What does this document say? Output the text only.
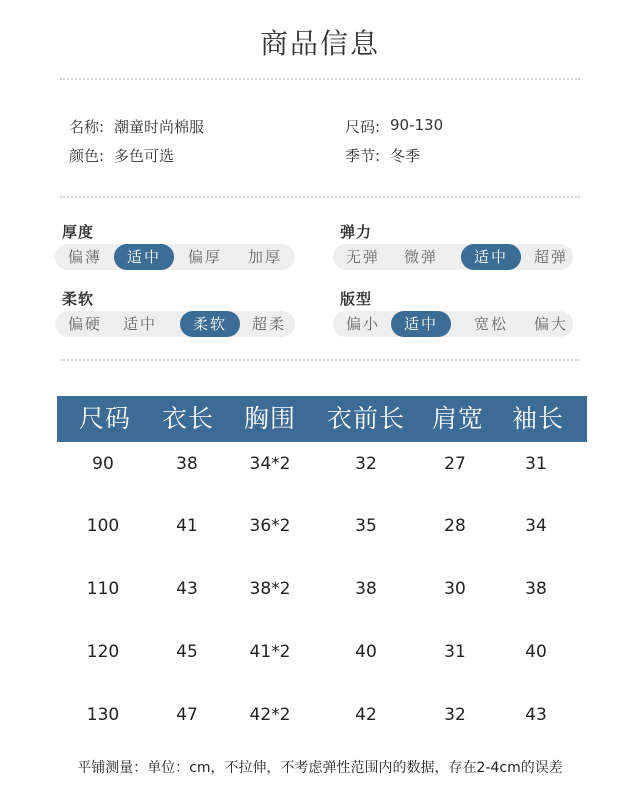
商品信息
名称: 潮童时尚棉服	尺码: 90-130
颜色: 多色可选	季节: 冬季
厚度
偏薄	适中	偏厚	加厚
弹力
无弹	微弹	适中	超弹
柔软
偏硬	适中	柔软	超柔
版型
偏小	适中	宽松	偏大
尺码	衣长	胸围	衣前长	肩宽	袖长
90	38	34*2	32	27	31
100	41	36*2	35	28	34
110	43	38*2	38	30	38
120	45	41*2	40	31	40
130	47	42*2	42	32	43
平铺测量：单位：cm，不拉伸，不考虑弹性范围内的数据，存在2-4cm的误差
